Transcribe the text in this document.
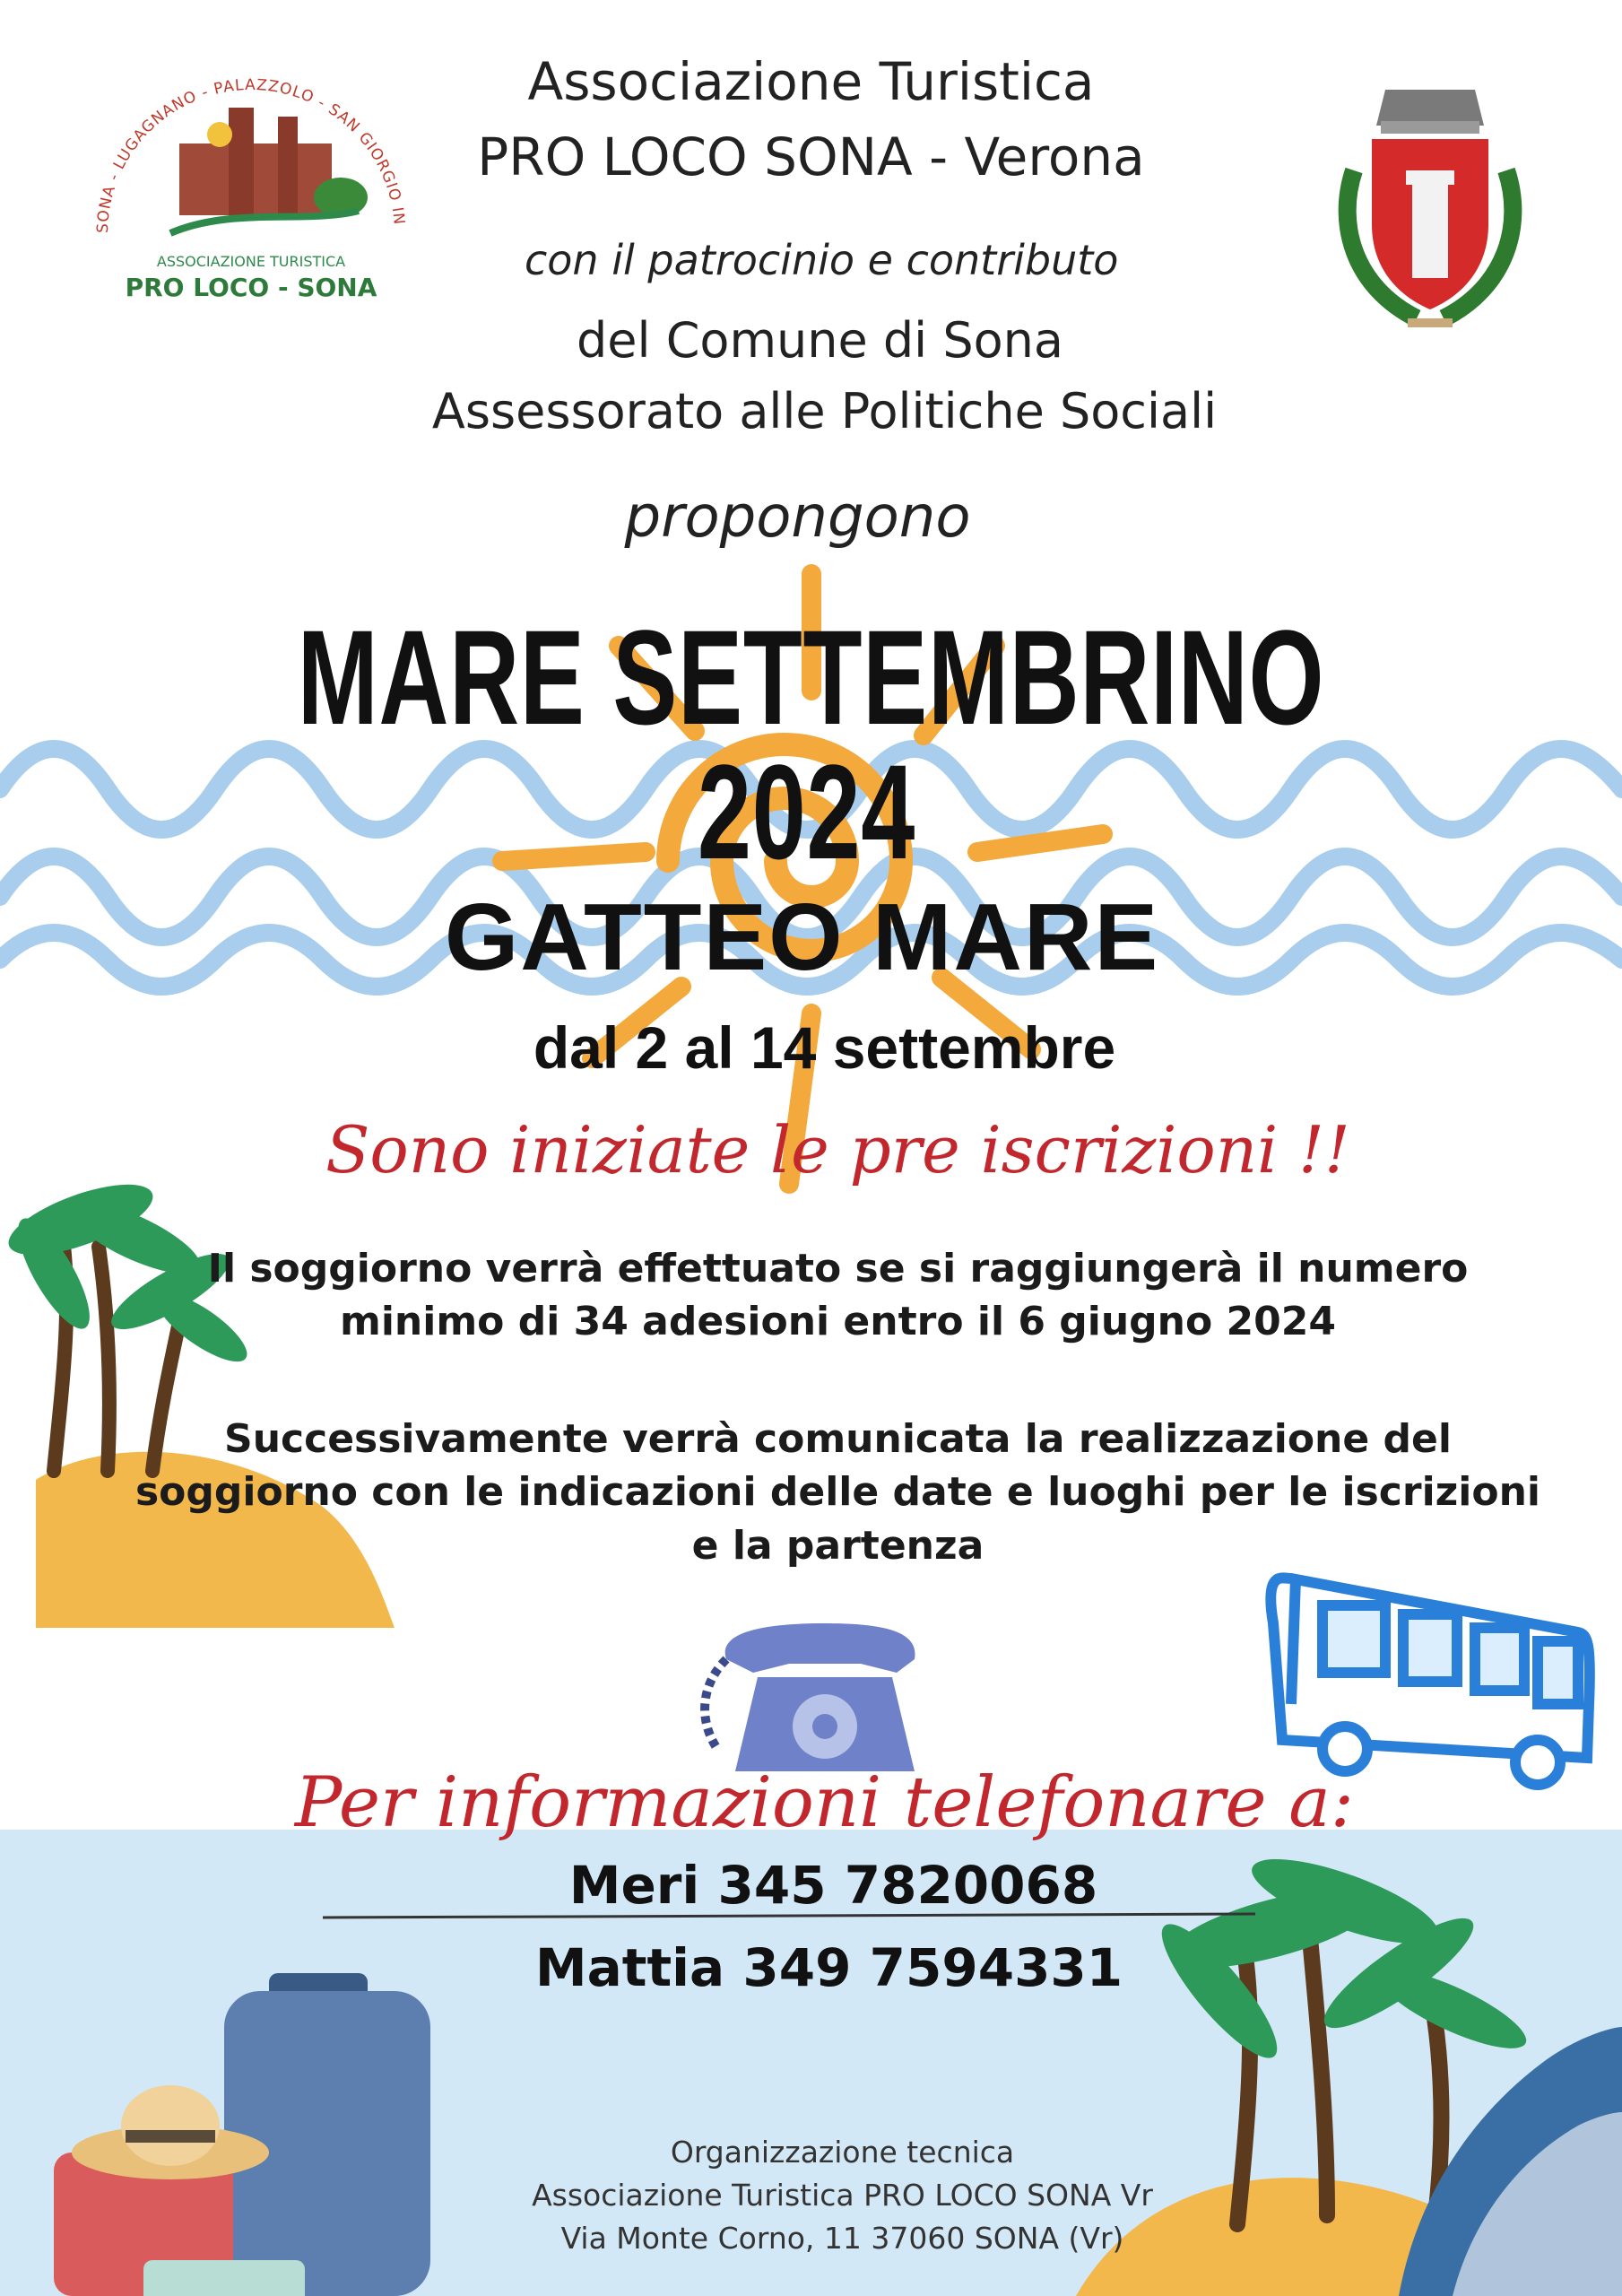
SONA - LUGAGNANO - PALAZZOLO - SAN GIORGIO IN
ASSOCIAZIONE TURISTICA
PRO LOCO - SONA
Associazione Turistica
PRO LOCO SONA - Verona
con il patrocinio e contributo
del Comune di Sona
Assessorato alle Politiche Sociali
propongono
MARE SETTEMBRINO
2024
GATTEO MARE
dal 2 al 14 settembre
Sono iniziate le pre iscrizioni !!
Il soggiorno verrà effettuato se si raggiungerà il numero
minimo di 34 adesioni entro il 6 giugno 2024
Successivamente verrà comunicata la realizzazione del
soggiorno con le indicazioni delle date e luoghi per le iscrizioni
e la partenza
Per informazioni telefonare a:
Meri 345 7820068
Mattia 349 7594331
Organizzazione tecnica
Associazione Turistica PRO LOCO SONA Vr
Via Monte Corno, 11 37060 SONA (Vr)
